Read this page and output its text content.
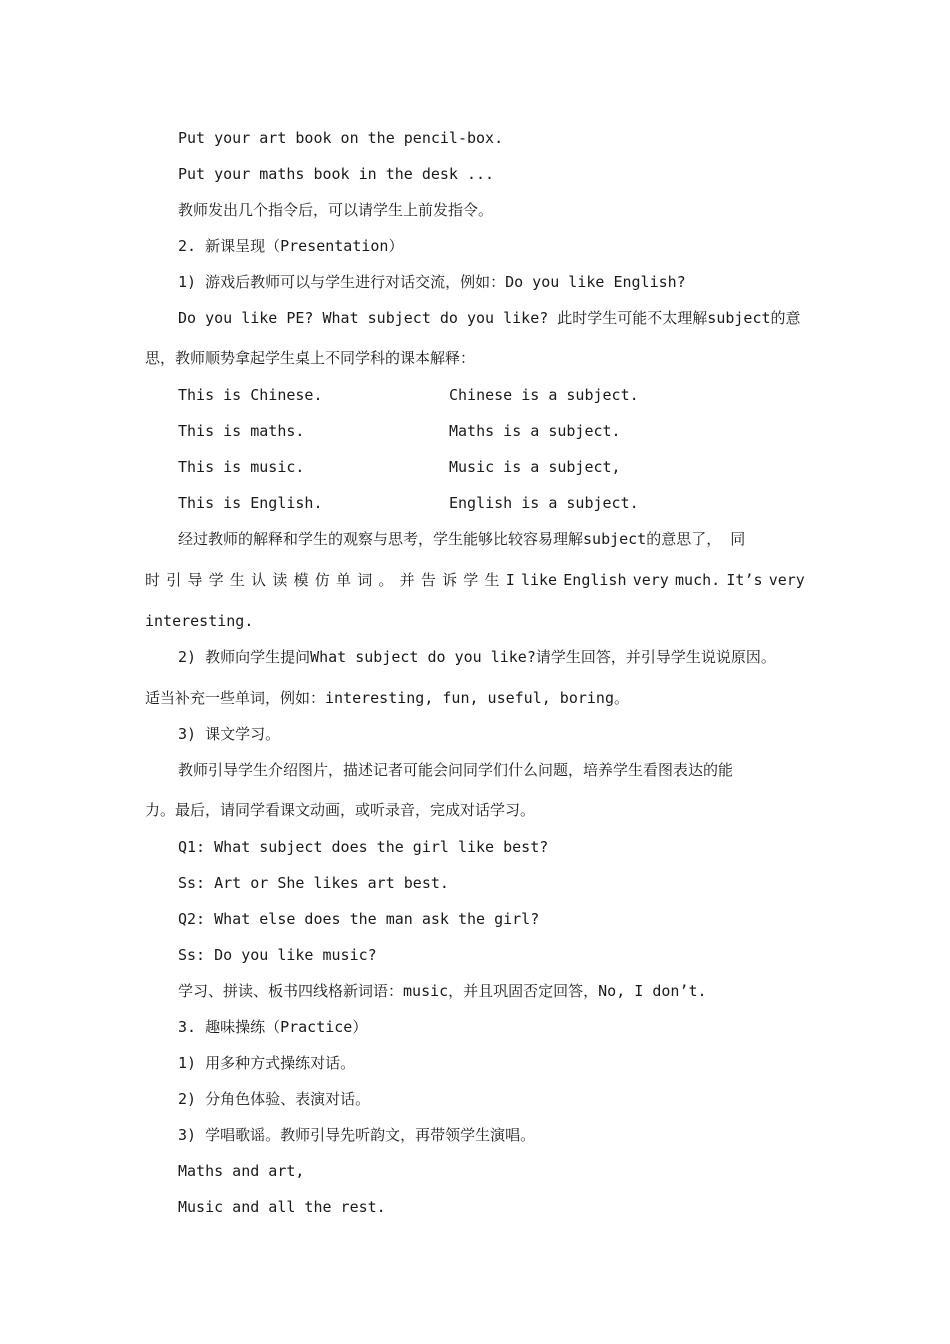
Put your art book on the pencil-box.
Put your maths book in the desk ...
教师发出几个指令后，可以请学生上前发指令。
2. 新课呈现（Presentation）
1) 游戏后教师可以与学生进行对话交流，例如：Do you like English?
Do you like PE? What subject do you like? 此时学生可能不太理解subject的意
思，教师顺势拿起学生桌上不同学科的课本解释：
This is Chinese.	Chinese is a subject.
This is maths.	Maths is a subject.
This is music.	Music is a subject,
This is English.	English is a subject.
经过教师的解释和学生的观察与思考，学生能够比较容易理解subject的意思了， 同
时 引 导 学 生 认 读 模 仿 单 词 。 并 告 诉 学 生 I like English very much. It’s very
interesting.
2) 教师向学生提问What subject do you like?请学生回答，并引导学生说说原因。
适当补充一些单词，例如：interesting, fun, useful, boring。
3) 课文学习。
教师引导学生介绍图片，描述记者可能会问同学们什么问题，培养学生看图表达的能
力。最后，请同学看课文动画，或听录音，完成对话学习。
Q1: What subject does the girl like best?
Ss: Art or She likes art best.
Q2: What else does the man ask the girl?
Ss: Do you like music?
学习、拼读、板书四线格新词语：music，并且巩固否定回答，No, I don’t.
3. 趣味操练（Practice）
1) 用多种方式操练对话。
2) 分角色体验、表演对话。
3) 学唱歌谣。教师引导先听韵文，再带领学生演唱。
Maths and art,
Music and all the rest.
